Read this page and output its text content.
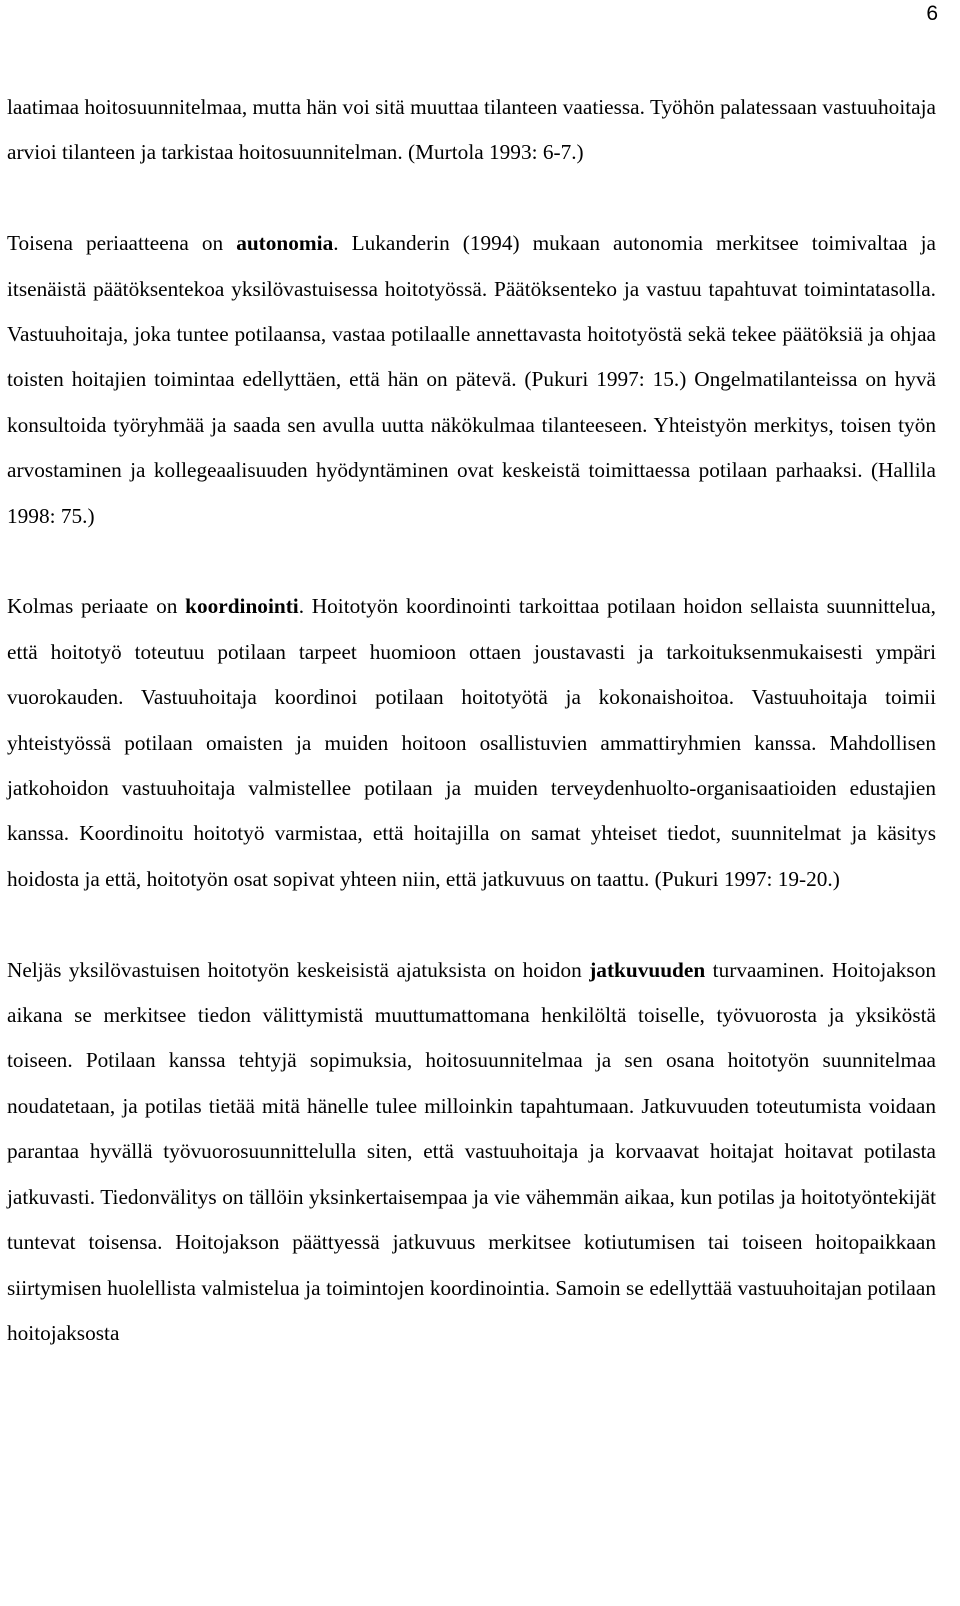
6

laatimaa hoitosuunnitelmaa, mutta hän voi sitä muuttaa tilanteen vaatiessa. Työhön palatessaan vastuuhoitaja arvioi tilanteen ja tarkistaa hoitosuunnitelman. (Murtola 1993: 6-7.)

Toisena periaatteena on autonomia. Lukanderin (1994) mukaan autonomia merkitsee toimivaltaa ja itsenäistä päätöksentekoa yksilövastuisessa hoitotyössä. Päätöksenteko ja vastuu tapahtuvat toimintatasolla. Vastuuhoitaja, joka tuntee potilaansa, vastaa potilaalle annettavasta hoitotyöstä sekä tekee päätöksiä ja ohjaa toisten hoitajien toimintaa edellyttäen, että hän on pätevä. (Pukuri 1997: 15.) Ongelmatilanteissa on hyvä konsultoida työryhmää ja saada sen avulla uutta näkökulmaa tilanteeseen. Yhteistyön merkitys, toisen työn arvostaminen ja kollegeaalisuuden hyödyntäminen ovat keskeistä toimittaessa potilaan parhaaksi. (Hallila 1998: 75.)

Kolmas periaate on koordinointi. Hoitotyön koordinointi tarkoittaa potilaan hoidon sellaista suunnittelua, että hoitotyö toteutuu potilaan tarpeet huomioon ottaen joustavasti ja tarkoituksenmukaisesti ympäri vuorokauden. Vastuuhoitaja koordinoi potilaan hoitotyötä ja kokonaishoitoa. Vastuuhoitaja toimii yhteistyössä potilaan omaisten ja muiden hoitoon osallistuvien ammattiryhmien kanssa. Mahdollisen jatkohoidon vastuuhoitaja valmistellee potilaan ja muiden terveydenhuolto-organisaatioiden edustajien kanssa. Koordinoitu hoitotyö varmistaa, että hoitajilla on samat yhteiset tiedot, suunnitelmat ja käsitys hoidosta ja että, hoitotyön osat sopivat yhteen niin, että jatkuvuus on taattu. (Pukuri 1997: 19-20.)

Neljäs yksilövastuisen hoitotyön keskeisistä ajatuksista on hoidon jatkuvuuden turvaaminen. Hoitojakson aikana se merkitsee tiedon välittymistä muuttumattomana henkilöltä toiselle, työvuorosta ja yksiköstä toiseen. Potilaan kanssa tehtyjä sopimuksia, hoitosuunnitelmaa ja sen osana hoitotyön suunnitelmaa noudatetaan, ja potilas tietää mitä hänelle tulee milloinkin tapahtumaan. Jatkuvuuden toteutumista voidaan parantaa hyvällä työvuorosuunnittelulla siten, että vastuuhoitaja ja korvaavat hoitajat hoitavat potilasta jatkuvasti. Tiedonvälitys on tällöin yksinkertaisempaa ja vie vähemmän aikaa, kun potilas ja hoitotyöntekijät tuntevat toisensa. Hoitojakson päättyessä jatkuvuus merkitsee kotiutumisen tai toiseen hoitopaikkaan siirtymisen huolellista valmistelua ja toimintojen koordinointia. Samoin se edellyttää vastuuhoitajan potilaan hoitojaksosta
